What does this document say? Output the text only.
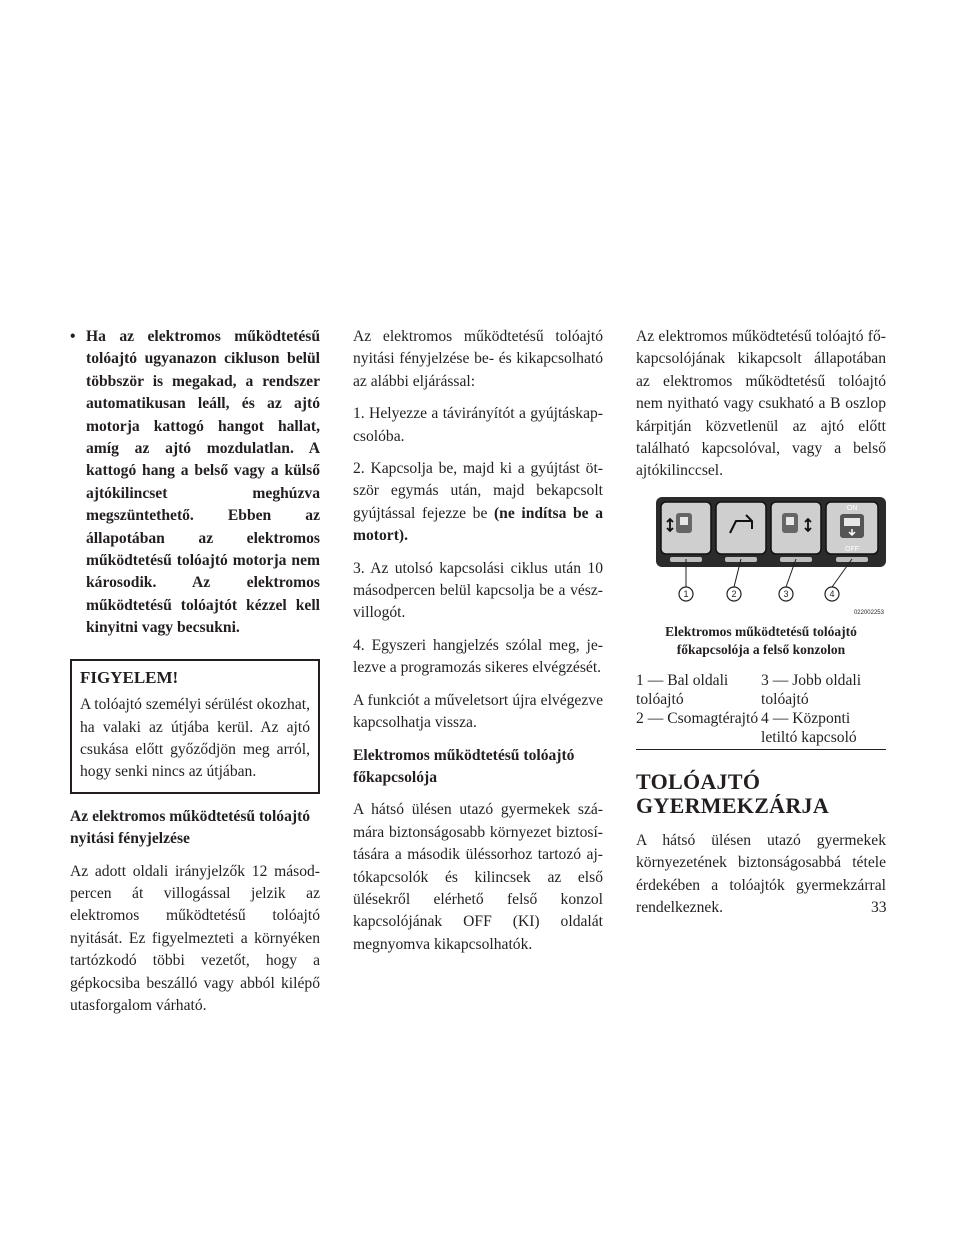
• Ha az elektromos működtetésű tolóajtó ugyanazon cikluson belül többször is megakad, a rendszer automatikusan leáll, és az ajtó motorja kattogó hangot hallat, amíg az ajtó mozdulatlan. A kattogó hang a belső vagy a külső ajtókilincset meghúzva megszüntethető. Ebben az állapotában az elektromos működtetésű tolóajtó motorja nem károsodik. Az elektromos működtetésű tolóajtót kézzel kell kinyitni vagy becsukni.
FIGYELEM!

A tolóajtó személyi sérülést okozhat, ha valaki az útjába kerül. Az ajtó csukása előtt győződjön meg arról, hogy senki nincs az útjában.

Az elektromos működtetésű tolóajtó nyitási fényjelzése

Az adott oldali irányjelzők 12 másodpercen át villogással jelzik az elektromos működtetésű tolóajtó nyitását. Ez figyelmezteti a környéken tartózkodó többi vezetőt, hogy a gépkocsiba beszálló vagy abból kilépő utasforgalom várható.

Az elektromos működtetésű tolóajtó nyitási fényjelzése be- és kikapcsolható az alábbi eljárással:

1. Helyezze a távirányítót a gyújtáskapcsolóba.

2. Kapcsolja be, majd ki a gyújtást ötször egymás után, majd bekapcsolt gyújtással fejezze be (ne indítsa be a motort).

3. Az utolsó kapcsolási ciklus után 10 másodpercen belül kapcsolja be a vészvillogót.

4. Egyszeri hangjelzés szólal meg, jelezve a programozás sikeres elvégzését.

A funkciót a műveletsort újra elvégezve kapcsolhatja vissza.

Elektromos működtetésű tolóajtó főkapcsolója

A hátsó ülésen utazó gyermekek számára biztonságosabb környezet biztosítására a második üléssorhoz tartozó ajtókapcsolók és kilincsek az első ülésekről elérhető felső konzol kapcsolójának OFF (KI) oldalát megnyomva kikapcsolhatók.

Az elektromos működtetésű tolóajtó főkapcsolójának kikapcsolt állapotában az elektromos működtetésű tolóajtó nem nyitható vagy csukható a B oszlop kárpitján közvetlenül az ajtó előtt található kapcsolóval, vagy a belső ajtókilinccsel.

ON
OFF
1	2	3	4
022002253
Elektromos működtetésű tolóajtó főkapcsolója a felső konzolon
1 — Bal oldali tolóajtó	3 — Jobb oldali tolóajtó
2 — Csomagtérajtó	4 — Központi letiltó kapcsoló
TOLÓAJTÓ GYERMEKZÁRJA

A hátsó ülésen utazó gyermekek környezetének biztonságosabbá tétele érdekében a tolóajtók gyermekzárral rendelkeznek.	33
